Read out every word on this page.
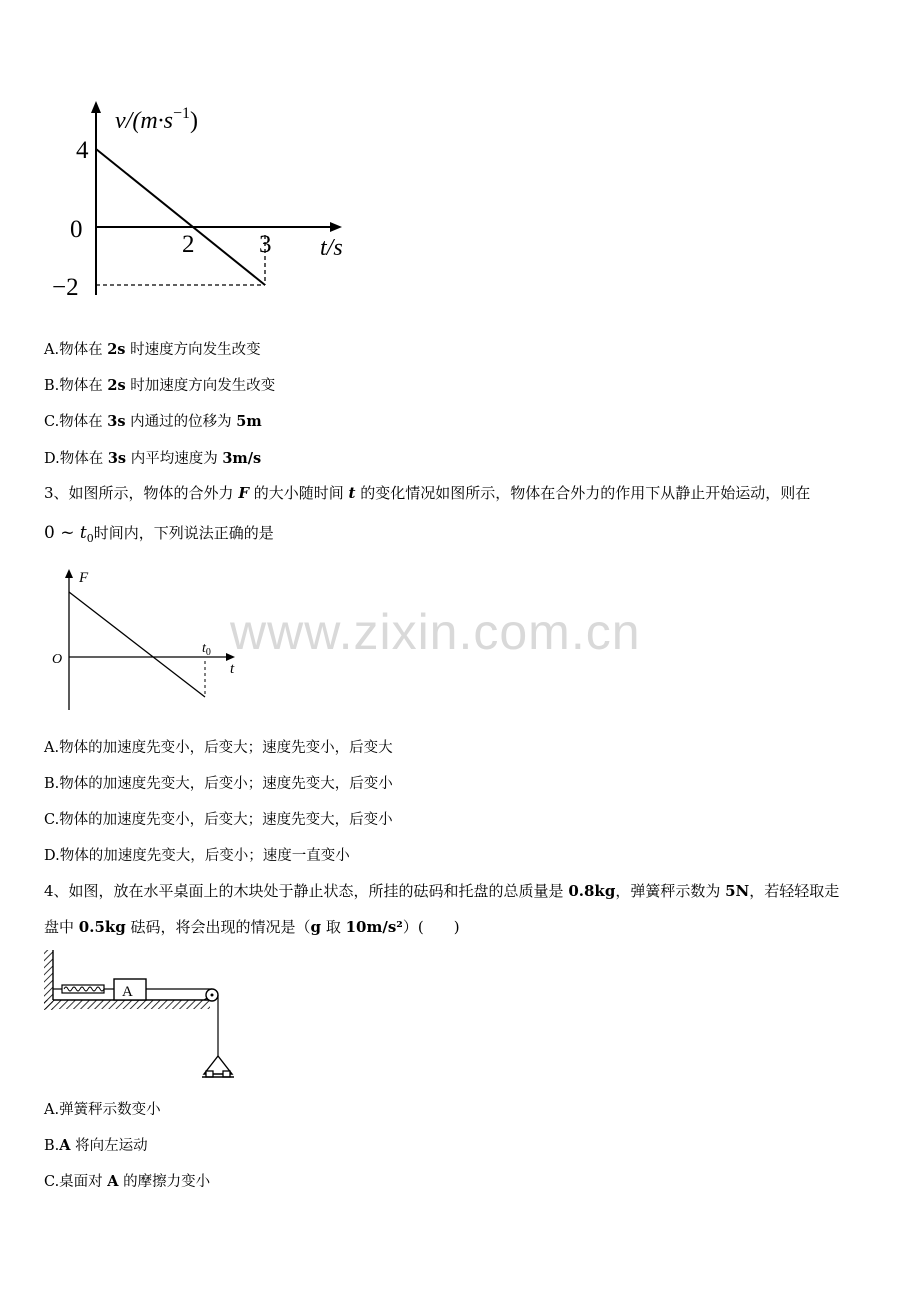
$v/(m\cdot s^{-1})$
4
0
−2
2	3 t/s
A.物体在 2s 时速度方向发生改变
B.物体在 2s 时加速度方向发生改变
C.物体在 3s 内通过的位移为 5m
D.物体在 3s 内平均速度为 3m/s
3、如图所示，物体的合外力 F 的大小随时间 t 的变化情况如图所示，物体在合外力的作用下从静止开始运动，则在
0 ~ $t_0$时间内，下列说法正确的是
F
O
$t_0$
t
www.zixin.com.cn
A.物体的加速度先变小，后变大；速度先变小，后变大
B.物体的加速度先变大，后变小；速度先变大，后变小
C.物体的加速度先变小，后变大；速度先变大，后变小
D.物体的加速度先变大，后变小；速度一直变小
4、如图，放在水平桌面上的木块处于静止状态，所挂的砝码和托盘的总质量是 0.8kg，弹簧秤示数为 5N，若轻轻取走
盘中 0.5kg 砝码，将会出现的情况是（g 取 10m/s²）(　　)
A
A.弹簧秤示数变小
B.A 将向左运动
C.桌面对 A 的摩擦力变小
